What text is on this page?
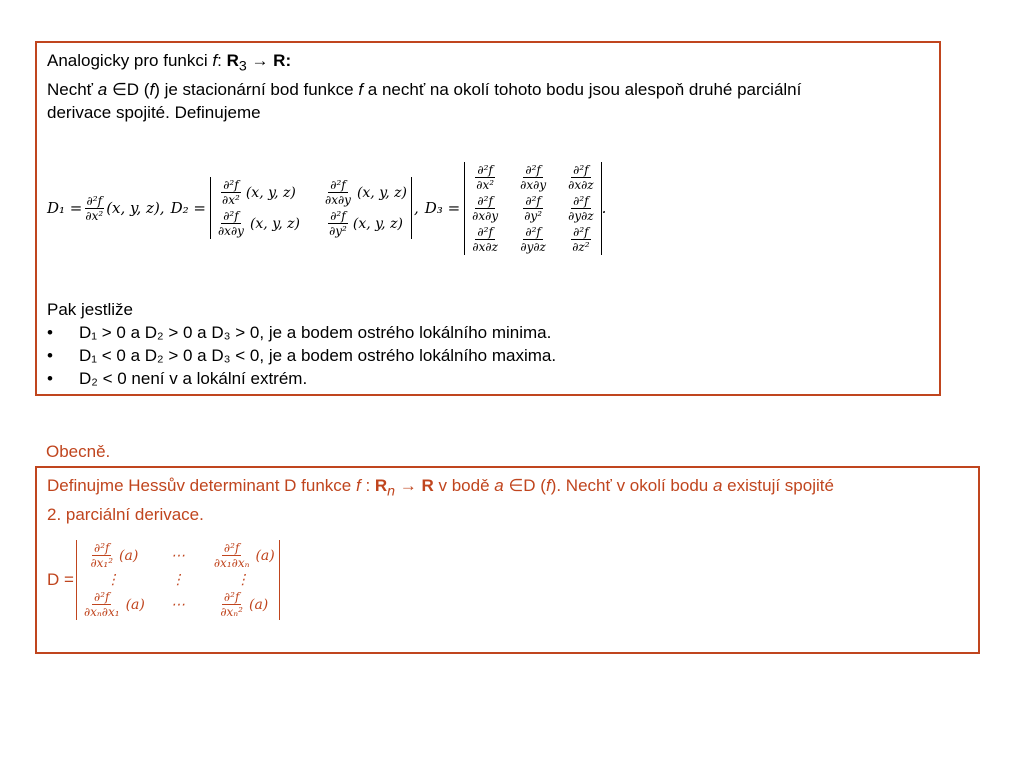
Analogicky pro funkci f: $R_3 \to R$:
Nechť a ∈D (f) je stacionární bod funkce f a nechť na okolí tohoto bodu jsou alespoň druhé parciální
derivace spojité. Definujeme
$D_1 = \frac{\text{∂²f}}{\text{∂x²}} (x$, y, z), D₂ =
$\frac{\text{∂²f}}{\text{∂x²}} (x$, y, $z) \frac{\text{∂²f}}{\partial x\partial y} (x$, y, z)
$\frac{\text{∂²f}}{\partial x\partial y} (x$, y, $z) \frac{\text{∂²f}}{\text{∂y²}} (x$, y, z)
, D₃ =
$\frac{\text{∂²f}}{\text{∂x²}} \frac{\text{∂²f}}{\partial x\partial y} \frac{\text{∂²f}}{\partial x\partial z}$
$\frac{\text{∂²f}}{\partial x\partial y} \frac{\text{∂²f}}{\text{∂y²}} \frac{\text{∂²f}}{\partial y\partial z}$
$\frac{\text{∂²f}}{\partial x\partial z} \frac{\text{∂²f}}{\partial y\partial z} \frac{\text{∂²f}}{\text{∂z²}}$
.
Pak jestliže
• D₁ > 0 a D₂ > 0 a D₃ > 0, je a bodem ostrého lokálního minima.
• D₁ < 0 a D₂ > 0 a D₃ < 0, je a bodem ostrého lokálního maxima.
• D₂ < 0 není v a lokální extrém.
Obecně.
Definujme Hessův determinant D funkce f : $R_n \to R$ v bodě a ∈D (f). Nechť v okolí bodu a existují spojité
2. parciální derivace.
D =
$\frac{\text{∂²f}}{\text{∂x₁²}} (a)$ ⋯ $\frac{\text{∂²f}}{\text{∂x₁∂xₙ}} (a)$
⋮	⋮	⋮
$\frac{\text{∂²f}}{\text{∂xₙ∂x₁}} (a)$ ⋯	$\frac{\text{∂²f}}{\text{∂xₙ²}} (a)$
